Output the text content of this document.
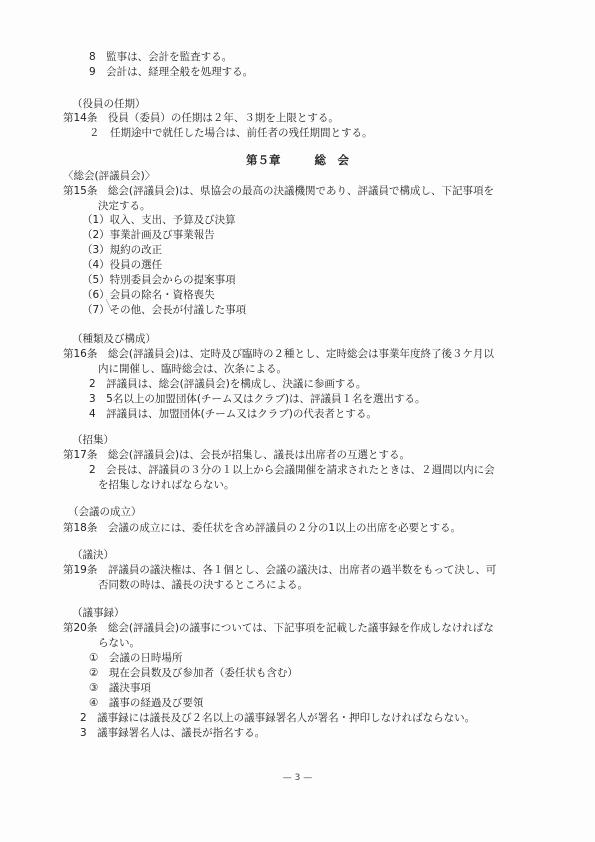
8　監事は、会計を監査する。
9　会計は、経理全般を処理する。
（役員の任期）
第14条　役員（委員）の任期は２年、３期を上限とする。
２　任期途中で就任した場合は、前任者の残任期間とする。
第５章	総　会
〈総会(評議員会)〉
第15条　総会(評議員会)は、県協会の最高の決議機関であり、評議員で構成し、下記事項を
決定する。
（1）収入、支出、予算及び決算
（2）事業計画及び事業報告
（3）規約の改正
（4）役員の選任
（5）特別委員会からの提案事項
（6）会員の除名・資格喪失
（7）その他、会長が付議した事項
（種類及び構成）
第16条　総会(評議員会)は、定時及び臨時の２種とし、定時総会は事業年度終了後３ケ月以
内に開催し、臨時総会は、次条による。
2　評議員は、総会(評議員会)を構成し、決議に参画する。
3　5名以上の加盟団体(チーム又はクラブ)は、評議員１名を選出する。
4　評議員は、加盟団体(チーム又はクラブ)の代表者とする。
（招集）
第17条　総会(評議員会)は、会長が招集し、議長は出席者の互選とする。
2　会長は、評議員の３分の１以上から会議開催を請求されたときは、２週間以内に会
を招集しなければならない。
（会議の成立）
第18条　会議の成立には、委任状を含め評議員の２分の1以上の出席を必要とする。
（議決）
第19条　評議員の議決権は、各１個とし、会議の議決は、出席者の過半数をもって決し、可
否同数の時は、議長の決するところによる。
（議事録）
第20条　総会(評議員会)の議事については、下記事項を記載した議事録を作成しなければな
らない。
①　会議の日時場所
②　現在会員数及び参加者（委任状も含む）
③　議決事項
④　議事の経過及び要領
2　議事録には議長及び２名以上の議事録署名人が署名・押印しなければならない。
3　議事録署名人は、議長が指名する。
— 3 —
